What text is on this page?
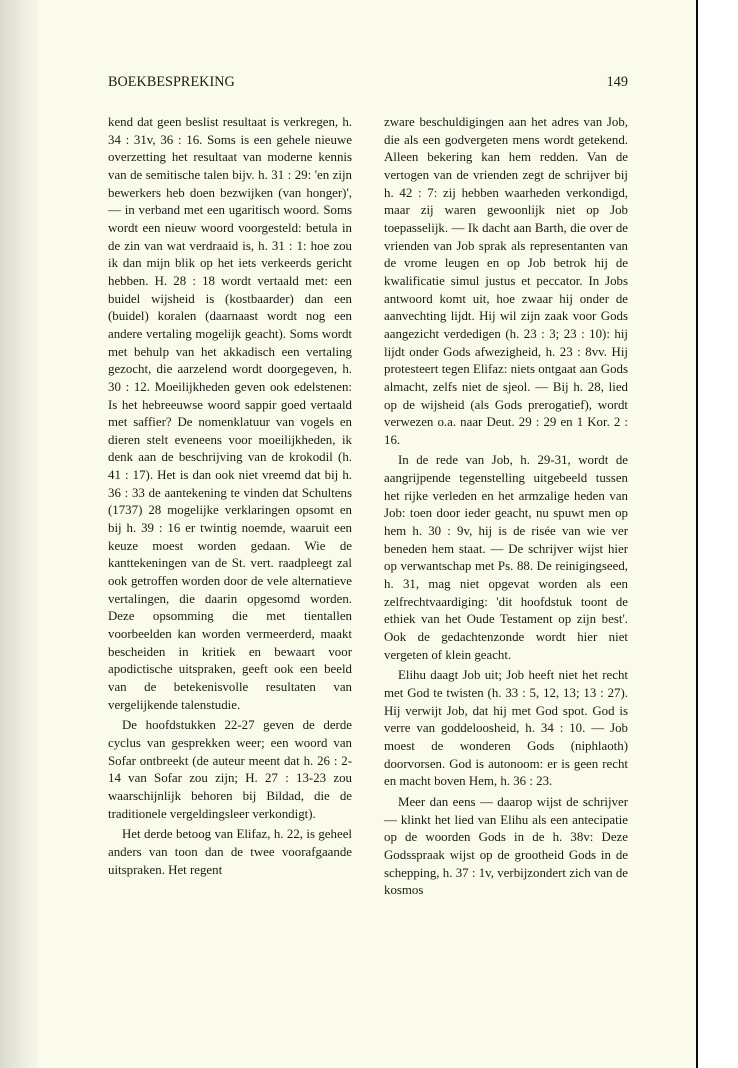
BOEKBESPREKING	149

kend dat geen beslist resultaat is verkregen, h. 34 : 31v, 36 : 16. Soms is een gehele nieuwe overzetting het resultaat van moderne kennis van de semitische talen bijv. h. 31 : 29: 'en zijn bewerkers heb doen bezwijken (van honger)', — in verband met een ugaritisch woord. Soms wordt een nieuw woord voorgesteld: betula in de zin van wat verdraaid is, h. 31 : 1: hoe zou ik dan mijn blik op het iets verkeerds gericht hebben. H. 28 : 18 wordt vertaald met: een buidel wijsheid is (kostbaarder) dan een (buidel) koralen (daarnaast wordt nog een andere vertaling mogelijk geacht). Soms wordt met behulp van het akkadisch een vertaling gezocht, die aarzelend wordt doorgegeven, h. 30 : 12. Moeilijkheden geven ook edelstenen: Is het hebreeuwse woord sappir goed vertaald met saffier? De nomenklatuur van vogels en dieren stelt eveneens voor moeilijkheden, ik denk aan de beschrijving van de krokodil (h. 41 : 17). Het is dan ook niet vreemd dat bij h. 36 : 33 de aantekening te vinden dat Schultens (1737) 28 mogelijke verklaringen opsomt en bij h. 39 : 16 er twintig noemde, waaruit een keuze moest worden gedaan. Wie de kanttekeningen van de St. vert. raadpleegt zal ook getroffen worden door de vele alternatieve vertalingen, die daarin opgesomd worden. Deze opsomming die met tientallen voorbeelden kan worden vermeerderd, maakt bescheiden in kritiek en bewaart voor apodictische uitspraken, geeft ook een beeld van de betekenisvolle resultaten van vergelijkende talenstudie.

De hoofdstukken 22-27 geven de derde cyclus van gesprekken weer; een woord van Sofar ontbreekt (de auteur meent dat h. 26 : 2-14 van Sofar zou zijn; H. 27 : 13-23 zou waarschijnlijk behoren bij Bildad, die de traditionele vergeldingsleer verkondigt).

Het derde betoog van Elifaz, h. 22, is geheel anders van toon dan de twee voorafgaande uitspraken. Het regent

zware beschuldigingen aan het adres van Job, die als een godvergeten mens wordt getekend. Alleen bekering kan hem redden. Van de vertogen van de vrienden zegt de schrijver bij h. 42 : 7: zij hebben waarheden verkondigd, maar zij waren gewoonlijk niet op Job toepasselijk. — Ik dacht aan Barth, die over de vrienden van Job sprak als representanten van de vrome leugen en op Job betrok hij de kwalificatie simul justus et peccator. In Jobs antwoord komt uit, hoe zwaar hij onder de aanvechting lijdt. Hij wil zijn zaak voor Gods aangezicht verdedigen (h. 23 : 3; 23 : 10): hij lijdt onder Gods afwezigheid, h. 23 : 8vv. Hij protesteert tegen Elifaz: niets ontgaat aan Gods almacht, zelfs niet de sjeol. — Bij h. 28, lied op de wijsheid (als Gods prerogatief), wordt verwezen o.a. naar Deut. 29 : 29 en 1 Kor. 2 : 16.

In de rede van Job, h. 29-31, wordt de aangrijpende tegenstelling uitgebeeld tussen het rijke verleden en het armzalige heden van Job: toen door ieder geacht, nu spuwt men op hem h. 30 : 9v, hij is de risée van wie ver beneden hem staat. — De schrijver wijst hier op verwantschap met Ps. 88. De reinigingseed, h. 31, mag niet opgevat worden als een zelfrechtvaardiging: 'dit hoofdstuk toont de ethiek van het Oude Testament op zijn best'. Ook de gedachtenzonde wordt hier niet vergeten of klein geacht.

Elihu daagt Job uit; Job heeft niet het recht met God te twisten (h. 33 : 5, 12, 13; 13 : 27). Hij verwijt Job, dat hij met God spot. God is verre van goddeloosheid, h. 34 : 10. — Job moest de wonderen Gods (niphlaoth) doorvorsen. God is autonoom: er is geen recht en macht boven Hem, h. 36 : 23.

Meer dan eens — daarop wijst de schrijver — klinkt het lied van Elihu als een antecipatie op de woorden Gods in de h. 38v: Deze Godsspraak wijst op de grootheid Gods in de schepping, h. 37 : 1v, verbijzondert zich van de kosmos
